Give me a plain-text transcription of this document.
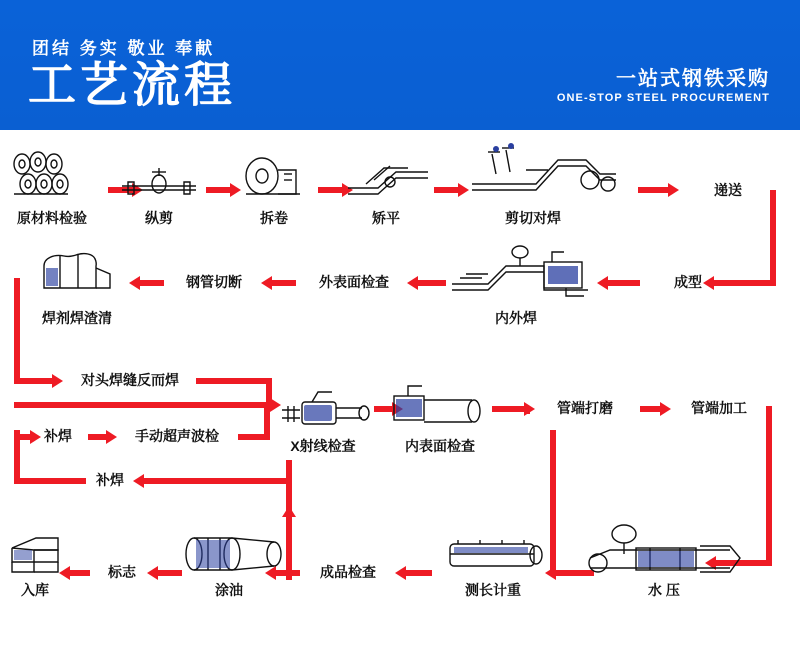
团结 务实 敬业 奉献
工艺流程	一站式钢铁采购
ONE-STOP STEEL PROCUREMENT
原材料检验	纵剪	拆卷	矫平	剪切对焊
递送
成型
内外焊
外表面检查
钢管切断
焊剂焊渣清
对头焊缝反而焊
补焊	手动超声波检
X射线检查	内表面检查
管端打磨	管端加工
补焊
水 压
测长计重
成品检查
涂油
标志
入库
